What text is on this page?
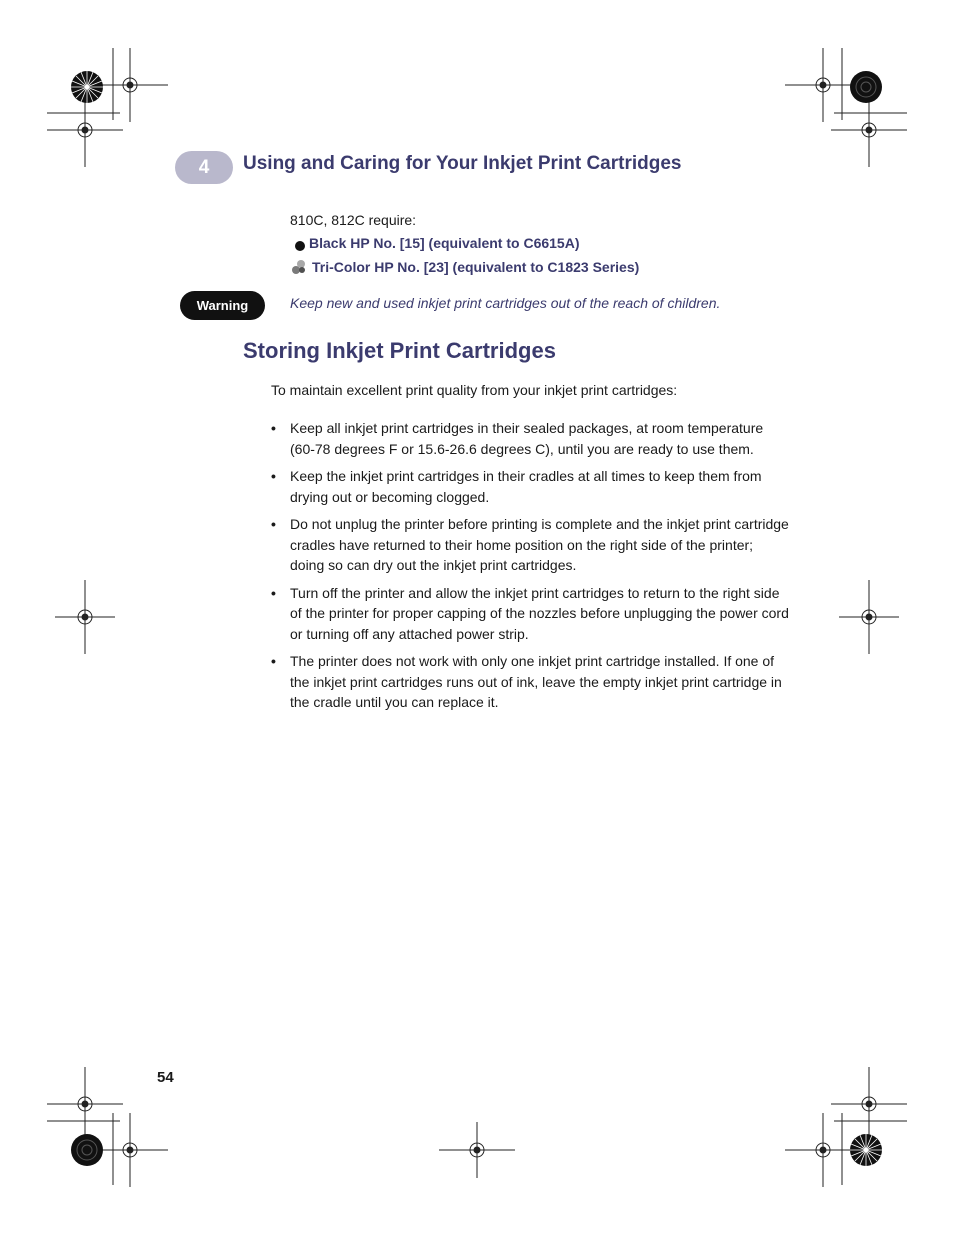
4	Using and Caring for Your Inkjet Print Cartridges
810C, 812C require:
Black HP No. [15] (equivalent to C6615A)
Tri-Color HP No. [23] (equivalent to C1823 Series)
Warning	Keep new and used inkjet print cartridges out of the reach of children.
Storing Inkjet Print Cartridges
To maintain excellent print quality from your inkjet print cartridges:
• Keep all inkjet print cartridges in their sealed packages, at room temperature (60-78 degrees F or 15.6-26.6 degrees C), until you are ready to use them.
• Keep the inkjet print cartridges in their cradles at all times to keep them from drying out or becoming clogged.
• Do not unplug the printer before printing is complete and the inkjet print cartridge cradles have returned to their home position on the right side of the printer; doing so can dry out the inkjet print cartridges.
• Turn off the printer and allow the inkjet print cartridges to return to the right side of the printer for proper capping of the nozzles before unplugging the power cord or turning off any attached power strip.
• The printer does not work with only one inkjet print cartridge installed. If one of the inkjet print cartridges runs out of ink, leave the empty inkjet print cartridge in the cradle until you can replace it.
54
